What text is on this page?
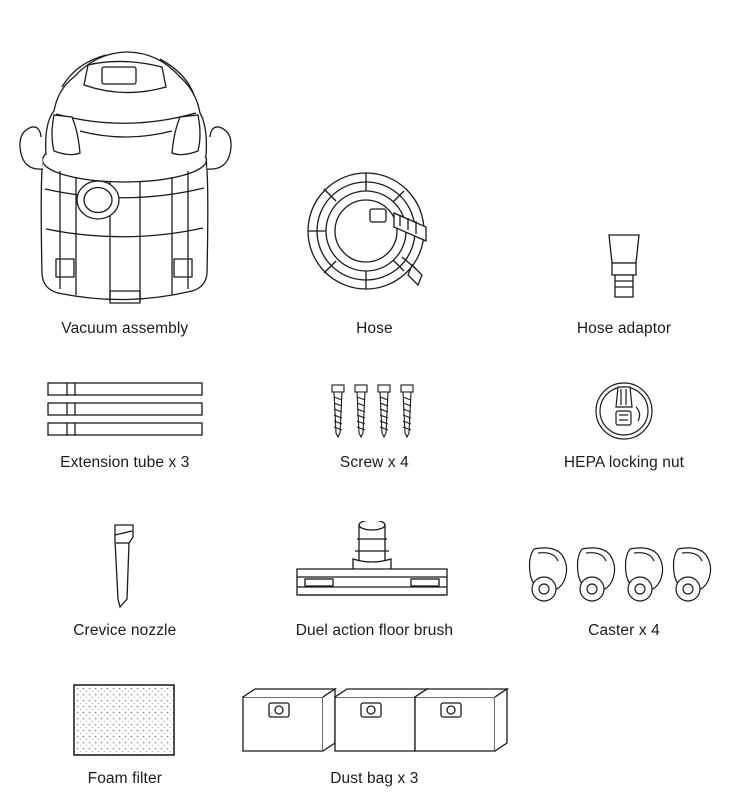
Vacuum assembly	Hose	Hose adaptor
Extension tube x 3	Screw x 4	HEPA locking nut
Crevice nozzle	Duel action floor brush	Caster x 4
Foam filter	Dust bag x 3
